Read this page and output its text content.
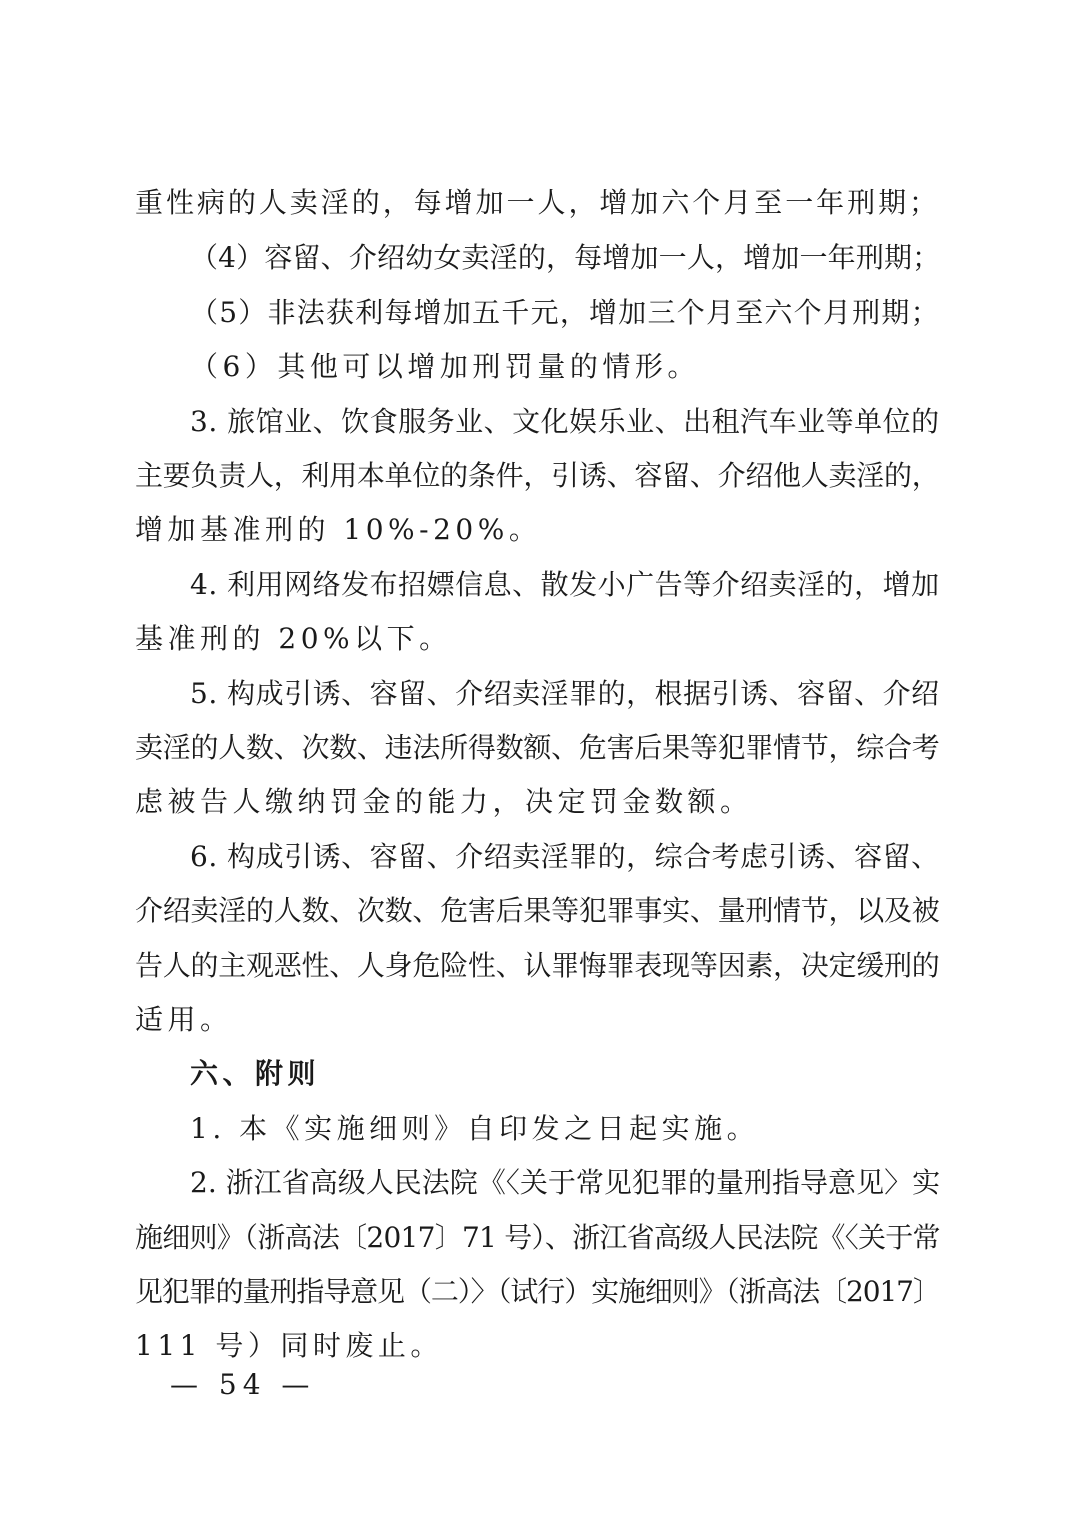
重性病的人卖淫的，每增加一人，增加六个月至一年刑期；
（4）容留、介绍幼女卖淫的，每增加一人，增加一年刑期；
（5）非法获利每增加五千元，增加三个月至六个月刑期；
（6）其他可以增加刑罚量的情形。
3. 旅馆业、饮食服务业、文化娱乐业、出租汽车业等单位的
主要负责人，利用本单位的条件，引诱、容留、介绍他人卖淫的，
增加基准刑的 10%-20%。
4. 利用网络发布招嫖信息、散发小广告等介绍卖淫的，增加
基准刑的 20%以下。
5. 构成引诱、容留、介绍卖淫罪的，根据引诱、容留、介绍
卖淫的人数、次数、违法所得数额、危害后果等犯罪情节，综合考
虑被告人缴纳罚金的能力，决定罚金数额。
6. 构成引诱、容留、介绍卖淫罪的，综合考虑引诱、容留、
介绍卖淫的人数、次数、危害后果等犯罪事实、量刑情节，以及被
告人的主观恶性、人身危险性、认罪悔罪表现等因素，决定缓刑的
适用。
六、附则
1. 本《实施细则》自印发之日起实施。
2. 浙江省高级人民法院《〈关于常见犯罪的量刑指导意见〉实
施细则》（浙高法〔2017〕71 号）、浙江省高级人民法院《〈关于常
见犯罪的量刑指导意见（二）〉（试行）实施细则》（浙高法〔2017〕
111 号）同时废止。
— 54 —
